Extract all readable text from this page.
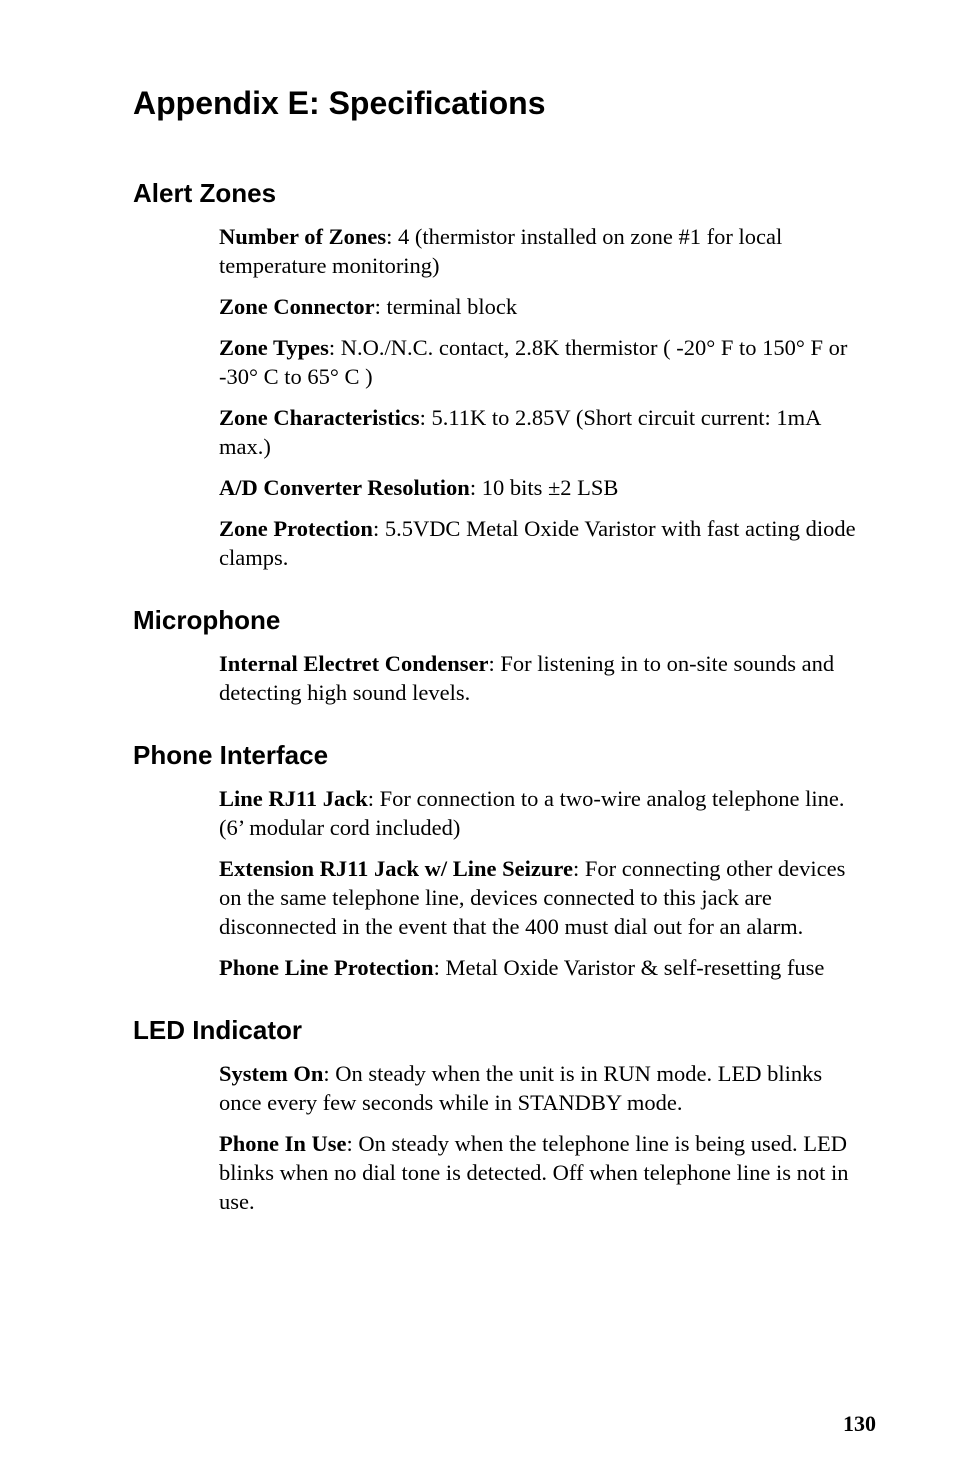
Appendix E: Specifications
Alert Zones

Number of Zones: 4 (thermistor installed on zone #1 for local temperature monitoring)

Zone Connector: terminal block

Zone Types: N.O./N.C. contact, 2.8K thermistor ( -20° F to 150° F or -30° C to 65° C )

Zone Characteristics: 5.11K to 2.85V (Short circuit current: 1mA max.)

A/D Converter Resolution: 10 bits ±2 LSB

Zone Protection: 5.5VDC Metal Oxide Varistor with fast acting diode clamps.

Microphone

Internal Electret Condenser: For listening in to on-site sounds and detecting high sound levels.

Phone Interface

Line RJ11 Jack: For connection to a two-wire analog telephone line. (6’ modular cord included)

Extension RJ11 Jack w/ Line Seizure: For connecting other devices on the same telephone line, devices connected to this jack are disconnected in the event that the 400 must dial out for an alarm.

Phone Line Protection: Metal Oxide Varistor & self-resetting fuse

LED Indicator

System On: On steady when the unit is in RUN mode. LED blinks once every few seconds while in STANDBY mode.

Phone In Use: On steady when the telephone line is being used. LED blinks when no dial tone is detected. Off when telephone line is not in use.

130
